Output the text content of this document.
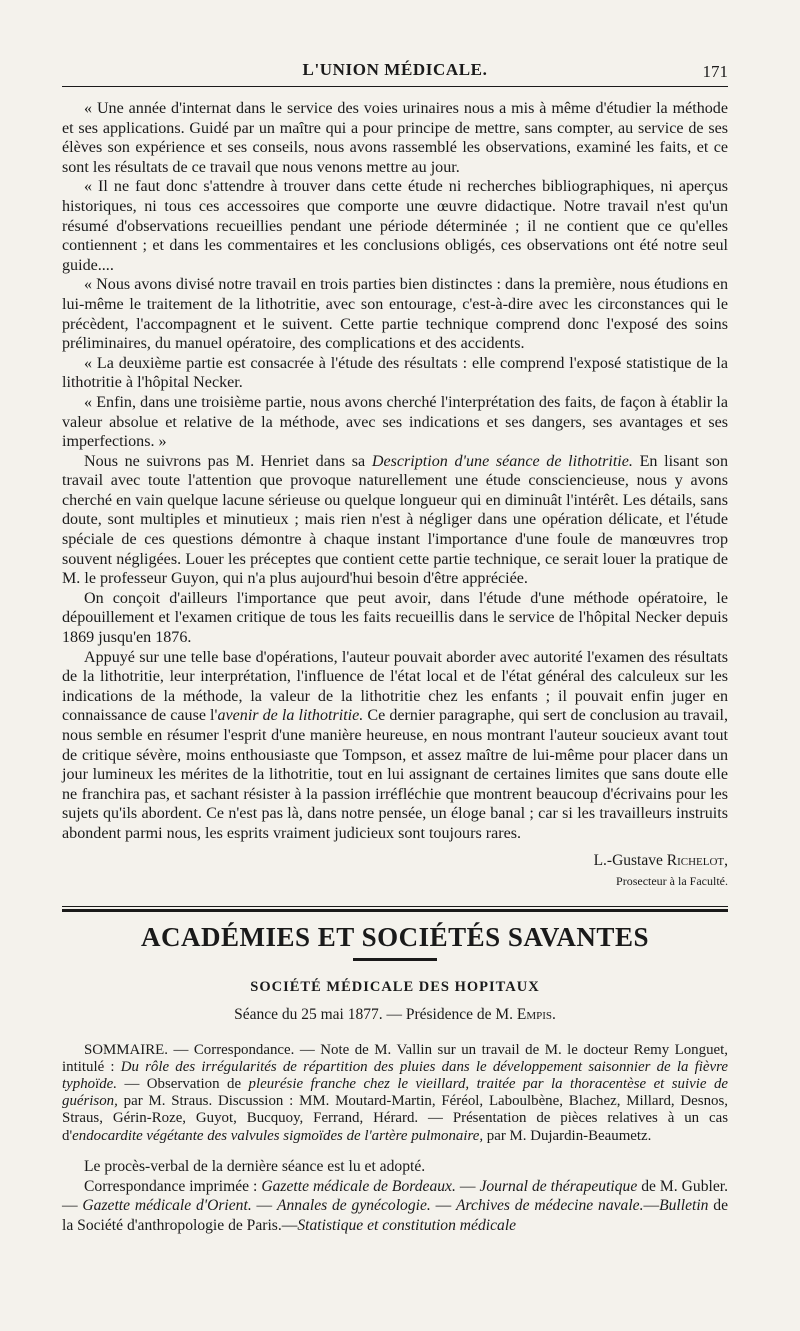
L'UNION MÉDICALE.	171

« Une année d'internat dans le service des voies urinaires nous a mis à même d'étudier la méthode et ses applications. Guidé par un maître qui a pour principe de mettre, sans compter, au service de ses élèves son expérience et ses conseils, nous avons rassemblé les observations, examiné les faits, et ce sont les résultats de ce travail que nous venons mettre au jour.

« Il ne faut donc s'attendre à trouver dans cette étude ni recherches bibliographiques, ni aperçus historiques, ni tous ces accessoires que comporte une œuvre didactique. Notre travail n'est qu'un résumé d'observations recueillies pendant une période déterminée ; il ne contient que ce qu'elles contiennent ; et dans les commentaires et les conclusions obligés, ces observations ont été notre seul guide....

« Nous avons divisé notre travail en trois parties bien distinctes : dans la première, nous étudions en lui-même le traitement de la lithotritie, avec son entourage, c'est-à-dire avec les circonstances qui le précèdent, l'accompagnent et le suivent. Cette partie technique comprend donc l'exposé des soins préliminaires, du manuel opératoire, des complications et des accidents.

« La deuxième partie est consacrée à l'étude des résultats : elle comprend l'exposé statistique de la lithotritie à l'hôpital Necker.

« Enfin, dans une troisième partie, nous avons cherché l'interprétation des faits, de façon à établir la valeur absolue et relative de la méthode, avec ses indications et ses dangers, ses avantages et ses imperfections. »

Nous ne suivrons pas M. Henriet dans sa Description d'une séance de lithotritie. En lisant son travail avec toute l'attention que provoque naturellement une étude consciencieuse, nous y avons cherché en vain quelque lacune sérieuse ou quelque longueur qui en diminuât l'intérêt. Les détails, sans doute, sont multiples et minutieux ; mais rien n'est à négliger dans une opération délicate, et l'étude spéciale de ces questions démontre à chaque instant l'importance d'une foule de manœuvres trop souvent négligées. Louer les préceptes que contient cette partie technique, ce serait louer la pratique de M. le professeur Guyon, qui n'a plus aujourd'hui besoin d'être appréciée.

On conçoit d'ailleurs l'importance que peut avoir, dans l'étude d'une méthode opératoire, le dépouillement et l'examen critique de tous les faits recueillis dans le service de l'hôpital Necker depuis 1869 jusqu'en 1876.

Appuyé sur une telle base d'opérations, l'auteur pouvait aborder avec autorité l'examen des résultats de la lithotritie, leur interprétation, l'influence de l'état local et de l'état général des calculeux sur les indications de la méthode, la valeur de la lithotritie chez les enfants ; il pouvait enfin juger en connaissance de cause l'avenir de la lithotritie. Ce dernier paragraphe, qui sert de conclusion au travail, nous semble en résumer l'esprit d'une manière heureuse, en nous montrant l'auteur soucieux avant tout de critique sévère, moins enthousiaste que Tompson, et assez maître de lui-même pour placer dans un jour lumineux les mérites de la lithotritie, tout en lui assignant de certaines limites que sans doute elle ne franchira pas, et sachant résister à la passion irréfléchie que montrent beaucoup d'écrivains pour les sujets qu'ils abordent. Ce n'est pas là, dans notre pensée, un éloge banal ; car si les travailleurs instruits abondent parmi nous, les esprits vraiment judicieux sont toujours rares.

L.-Gustave Richelot,
Prosecteur à la Faculté.
ACADÉMIES ET SOCIÉTÉS SAVANTES
SOCIÉTÉ MÉDICALE DES HOPITAUX
Séance du 25 mai 1877. — Présidence de M. Empis.

SOMMAIRE. — Correspondance. — Note de M. Vallin sur un travail de M. le docteur Remy Longuet, intitulé : Du rôle des irrégularités de répartition des pluies dans le développement saisonnier de la fièvre typhoïde. — Observation de pleurésie franche chez le vieillard, traitée par la thoracentèse et suivie de guérison, par M. Straus. Discussion : MM. Moutard-Martin, Féréol, Laboulbène, Blachez, Millard, Desnos, Straus, Gérin-Roze, Guyot, Bucquoy, Ferrand, Hérard. — Présentation de pièces relatives à un cas d'endocardite végétante des valvules sigmoïdes de l'artère pulmonaire, par M. Dujardin-Beaumetz.

Le procès-verbal de la dernière séance est lu et adopté.

Correspondance imprimée : Gazette médicale de Bordeaux. — Journal de thérapeutique de M. Gubler. — Gazette médicale d'Orient. — Annales de gynécologie. — Archives de médecine navale.—Bulletin de la Société d'anthropologie de Paris.—Statistique et constitution médicale
